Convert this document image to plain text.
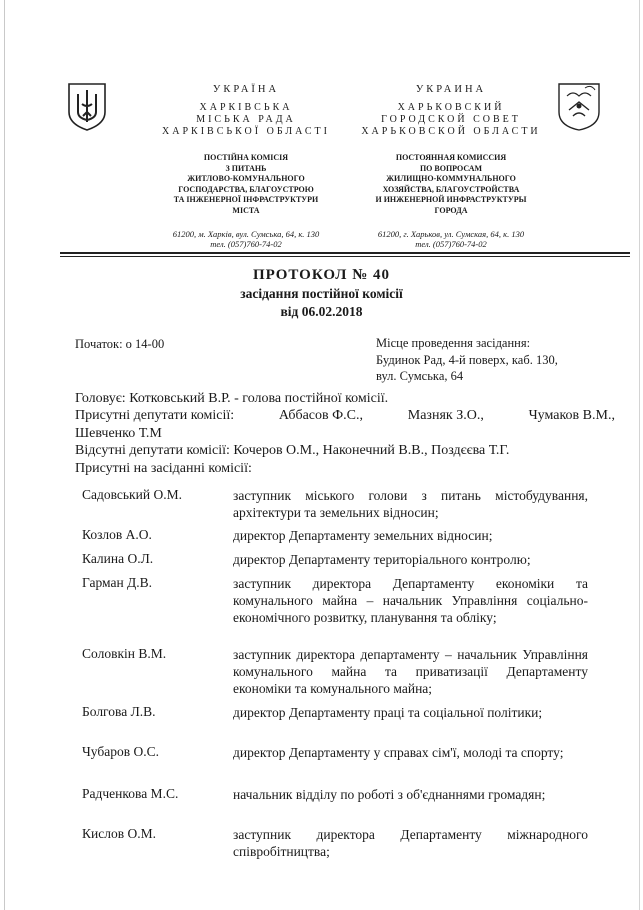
УКРАЇНА
ХАРКІВСЬКА
МІСЬКА РАДА
ХАРКІВСЬКОЇ ОБЛАСТІ
ПОСТІЙНА КОМІСІЯ
З ПИТАНЬ
ЖИТЛОВО-КОМУНАЛЬНОГО
ГОСПОДАРСТВА, БЛАГОУСТРОЮ
ТА ІНЖЕНЕРНОЇ ІНФРАСТРУКТУРИ
МІСТА
61200, м. Харків, вул. Сумська, 64, к. 130
тел. (057)760-74-02
УКРАИНА
ХАРЬКОВСКИЙ
ГОРОДСКОЙ СОВЕТ
ХАРЬКОВСКОЙ ОБЛАСТИ
ПОСТОЯННАЯ КОМИССИЯ
ПО ВОПРОСАМ
ЖИЛИЩНО-КОММУНАЛЬНОГО
ХОЗЯЙСТВА, БЛАГОУСТРОЙСТВА
И ИНЖЕНЕРНОЙ ИНФРАСТРУКТУРЫ
ГОРОДА
61200, г. Харьков, ул. Сумская, 64, к. 130
тел. (057)760-74-02
ПРОТОКОЛ № 40
засідання постійної комісії
від 06.02.2018
Початок: о 14-00	Місце проведення засідання:
Будинок Рад, 4-й поверх, каб. 130,
вул. Сумська, 64
Головує: Котковський В.Р. - голова постійної комісії.
Присутні депутати комісії:	Аббасов Ф.С.,	Мазняк З.О.,	Чумаков В.М.,
Шевченко Т.М
Відсутні депутати комісії: Кочеров О.М., Наконечний В.В., Поздєєва Т.Г.
Присутні на засіданні комісії:
Садовський О.М.	заступник міського голови з питань містобудування, архітектури та земельних відносин;
Козлов А.О.	директор Департаменту земельних відносин;
Калина О.Л.	директор Департаменту територіального контролю;
Гарман Д.В.	заступник директора Департаменту економіки та комунального майна – начальник Управління соціально-економічного розвитку, планування та обліку;
Соловкін В.М.	заступник директора департаменту – начальник Управління комунального майна та приватизації Департаменту економіки та комунального майна;
Болгова Л.В.	директор Департаменту праці та соціальної політики;
Чубаров О.С.	директор Департаменту у справах сім'ї, молоді та спорту;
Радченкова М.С.	начальник відділу по роботі з об'єднаннями громадян;
Кислов О.М.	заступник директора Департаменту міжнародного співробітництва;
